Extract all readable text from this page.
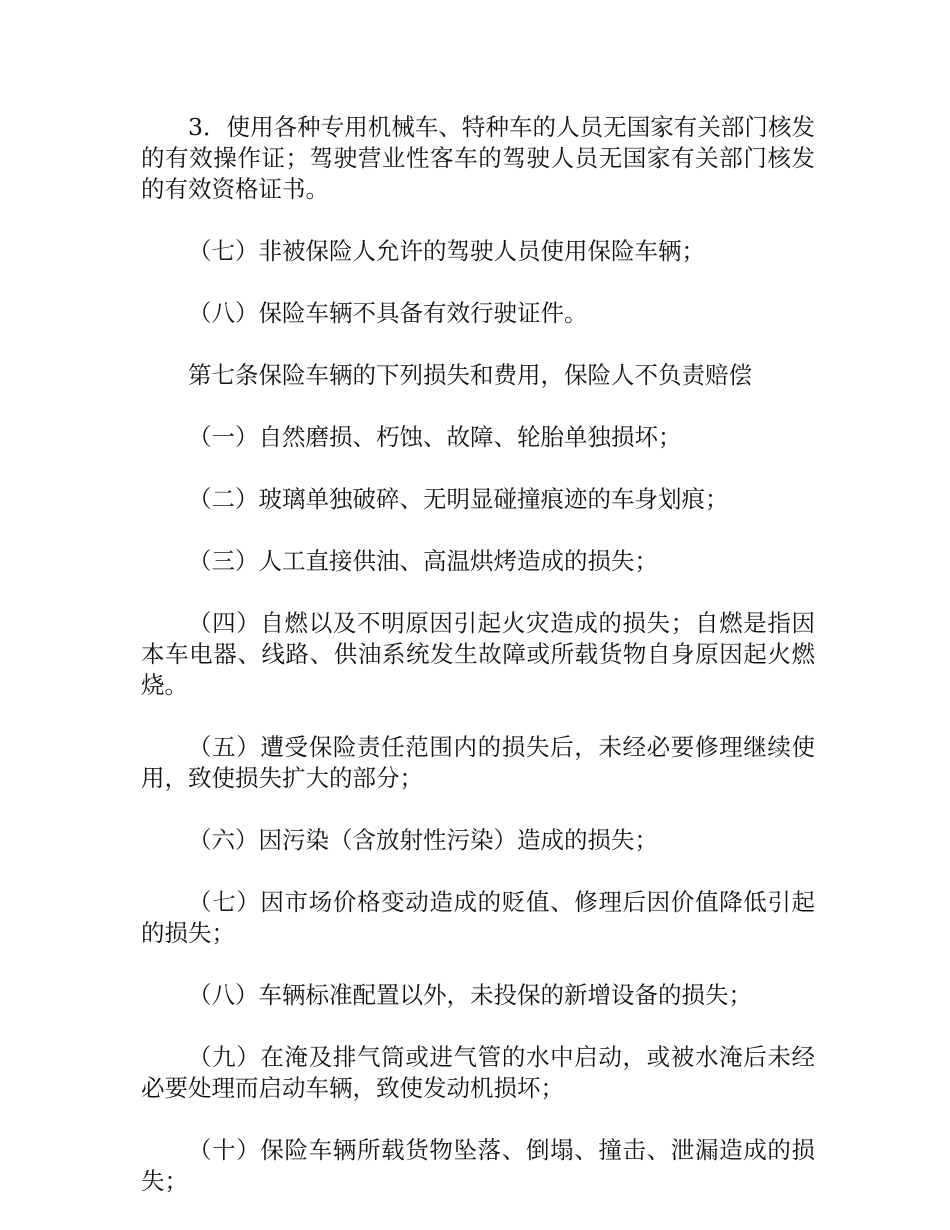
3．使用各种专用机械车、特种车的人员无国家有关部门核发的有效操作证；驾驶营业性客车的驾驶人员无国家有关部门核发的有效资格证书。

（七）非被保险人允许的驾驶人员使用保险车辆；

（八）保险车辆不具备有效行驶证件。

第七条保险车辆的下列损失和费用，保险人不负责赔偿

（一）自然磨损、朽蚀、故障、轮胎单独损坏；

（二）玻璃单独破碎、无明显碰撞痕迹的车身划痕；

（三）人工直接供油、高温烘烤造成的损失；

（四）自燃以及不明原因引起火灾造成的损失；自燃是指因本车电器、线路、供油系统发生故障或所载货物自身原因起火燃烧。

（五）遭受保险责任范围内的损失后，未经必要修理继续使用，致使损失扩大的部分；

（六）因污染（含放射性污染）造成的损失；

（七）因市场价格变动造成的贬值、修理后因价值降低引起的损失；

（八）车辆标准配置以外，未投保的新增设备的损失；

（九）在淹及排气筒或进气管的水中启动，或被水淹后未经必要处理而启动车辆，致使发动机损坏；

（十）保险车辆所载货物坠落、倒塌、撞击、泄漏造成的损失；
